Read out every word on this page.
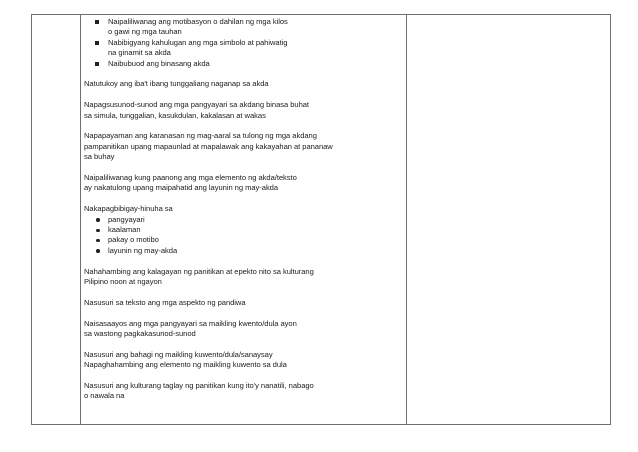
Naipaliliwanag ang motibasyon o dahilan ng mga kilos
o gawi ng mga tauhan
Nabibigyang kahulugan ang mga simbolo at pahiwatig
na ginamit sa akda
Naibubuod ang binasang akda

Natutukoy ang iba't ibang tunggaliang naganap sa akda

Napagsusunod-sunod ang mga pangyayari sa akdang binasa buhat
sa simula, tunggalian, kasukdulan, kakalasan at wakas

Napapayaman ang karanasan ng mag-aaral sa tulong ng mga akdang
pampanitikan upang mapaunlad at mapalawak ang kakayahan at pananaw
sa buhay

Naipaliliwanag kung paanong ang mga elemento ng akda/teksto
ay nakatulong upang maipahatid ang layunin ng may-akda

Nakapagbibigay-hinuha sa

pangyayari
kaalaman
pakay o motibo
layunin ng may-akda

Nahahambing ang kalagayan ng panitikan at epekto nito sa kulturang
Pilipino noon at ngayon

Nasusuri sa teksto ang mga aspekto ng pandiwa

Naisasaayos ang mga pangyayari sa maikling kwento/dula ayon
sa wastong pagkakasunod-sunod

Nasusuri ang bahagi ng maikling kuwento/dula/sanaysay
Napaghahambing ang elemento ng maikling kuwento sa dula

Nasusuri ang kulturang taglay ng panitikan kung ito'y nanatili, nabago
o nawala na
